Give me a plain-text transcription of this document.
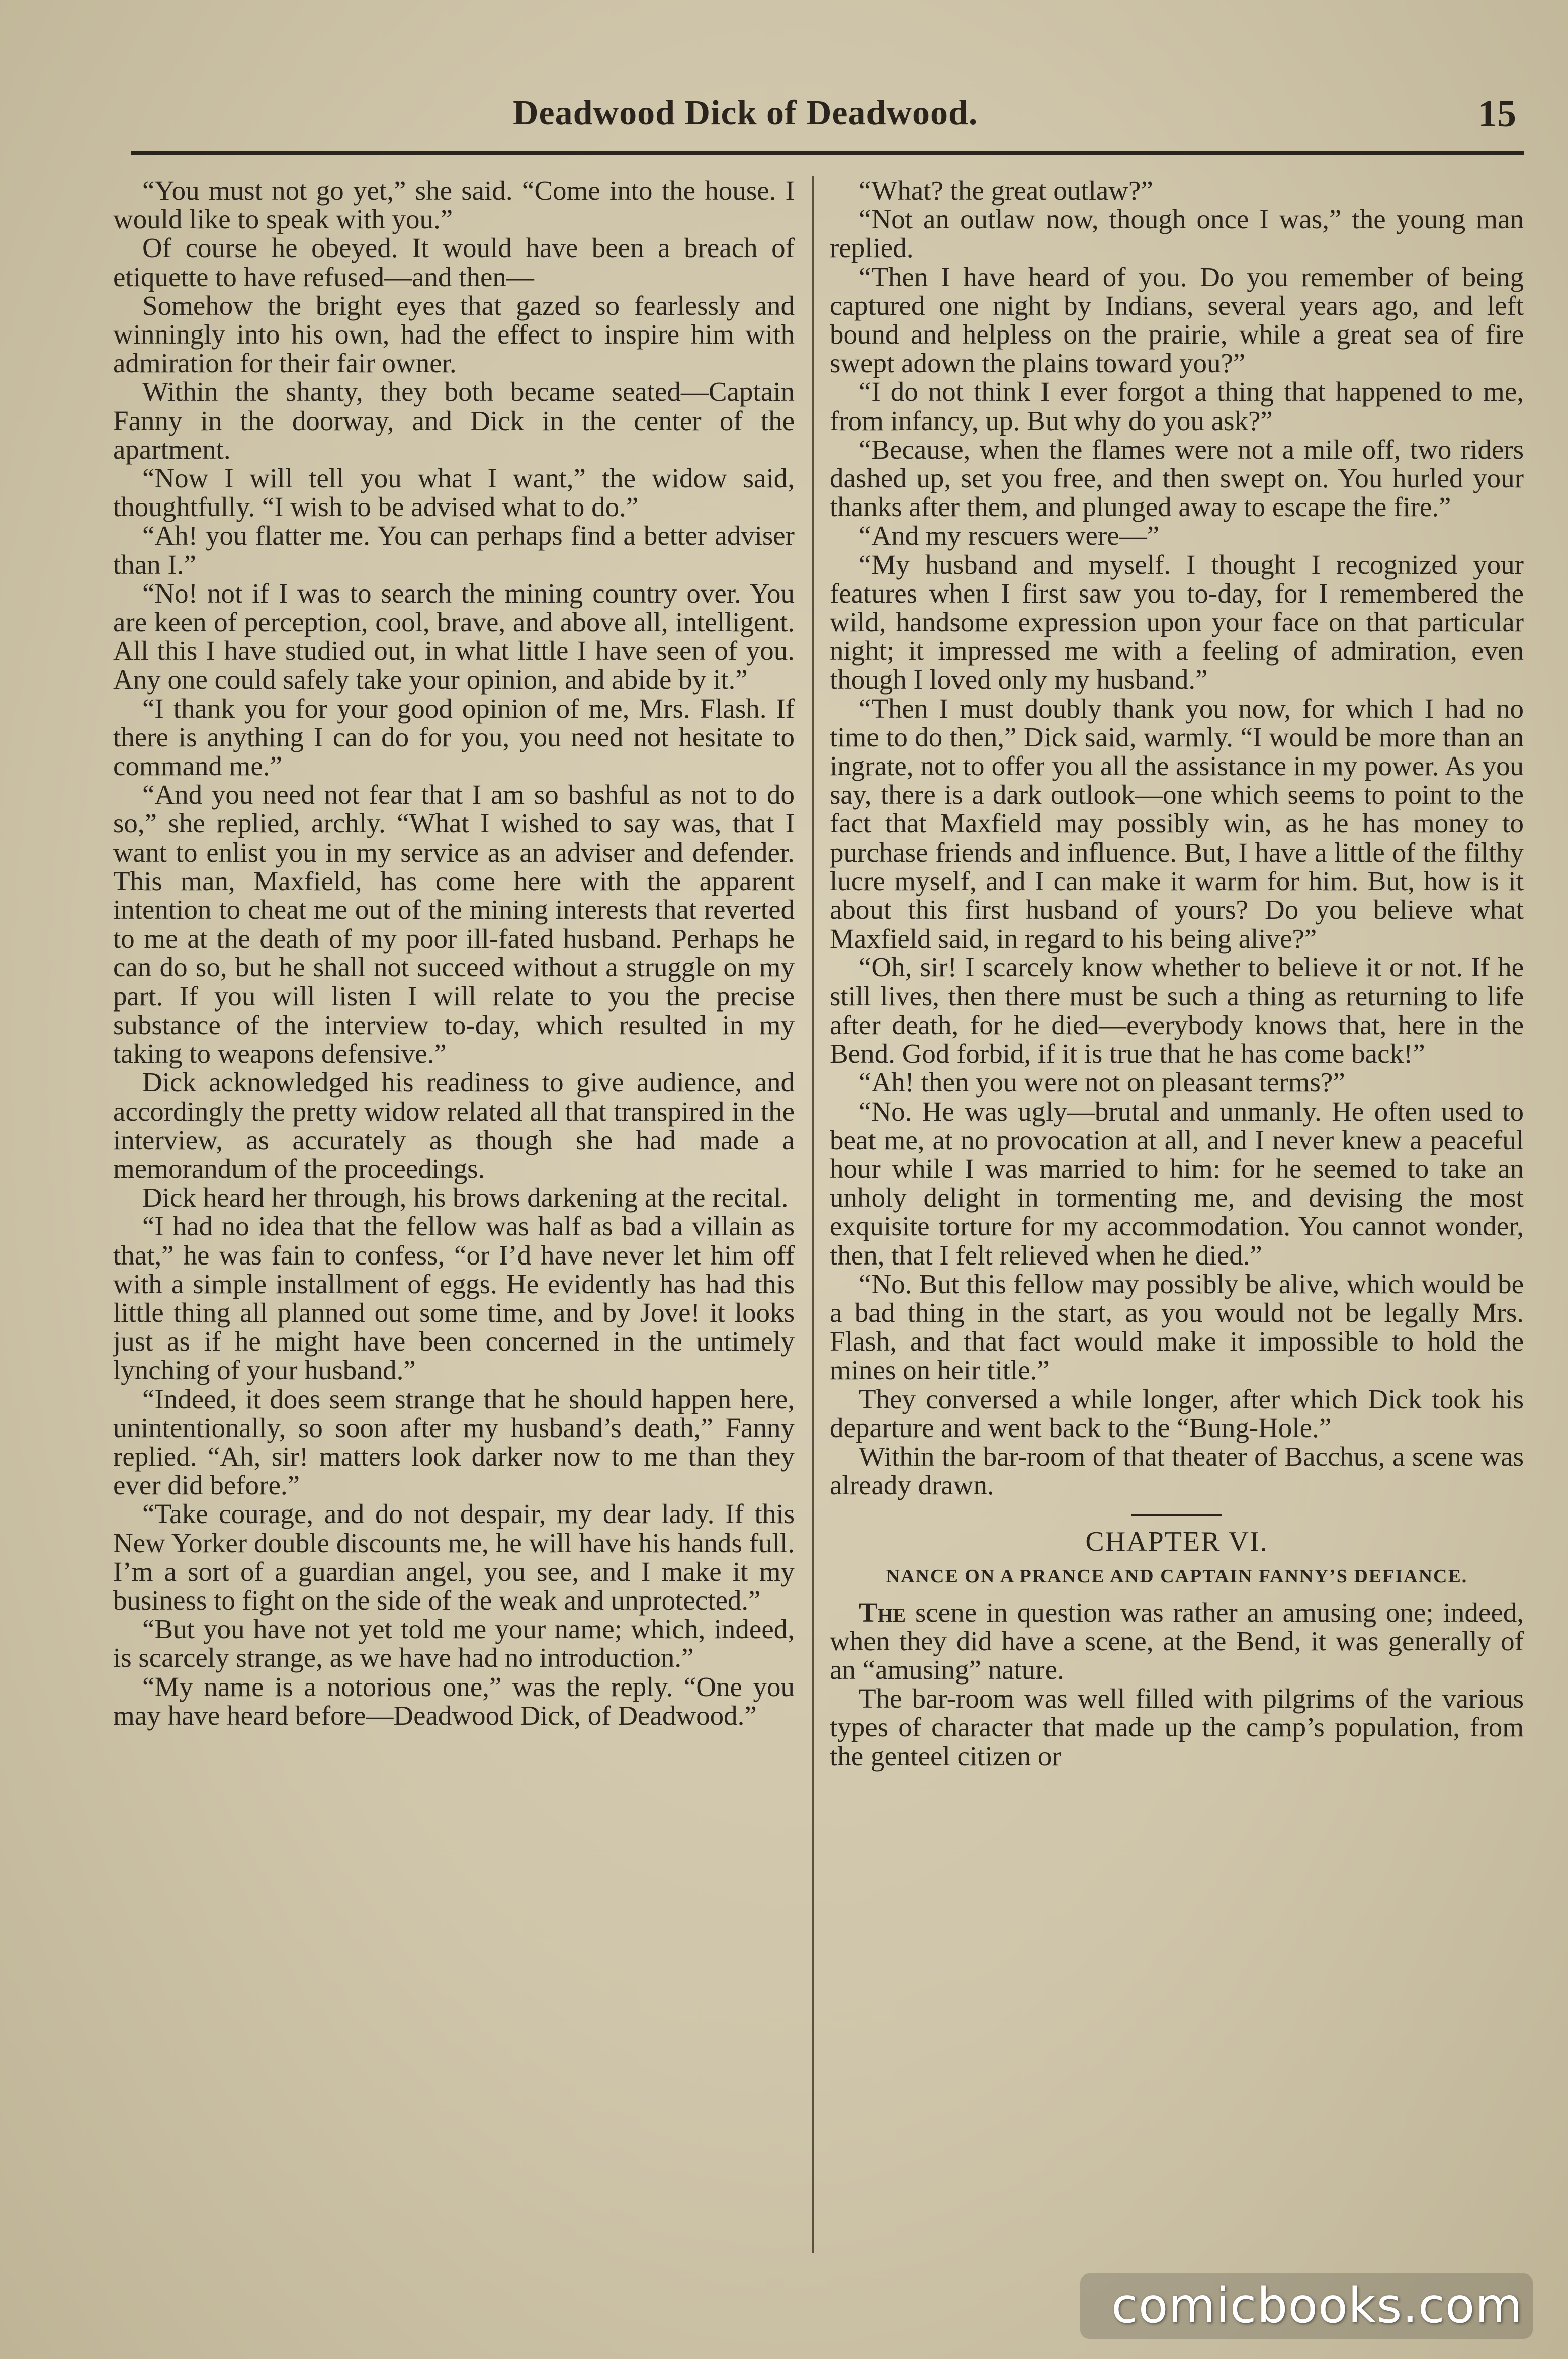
Deadwood Dick of Deadwood.	15

“You must not go yet,” she said. “Come into the house. I would like to speak with you.”

Of course he obeyed. It would have been a breach of etiquette to have refused—and then—

Somehow the bright eyes that gazed so fearlessly and winningly into his own, had the effect to inspire him with admiration for their fair owner.

Within the shanty, they both became seated—Captain Fanny in the doorway, and Dick in the center of the apartment.

“Now I will tell you what I want,” the widow said, thoughtfully. “I wish to be advised what to do.”

“Ah! you flatter me. You can perhaps find a better adviser than I.”

“No! not if I was to search the mining country over. You are keen of perception, cool, brave, and above all, intelligent. All this I have studied out, in what little I have seen of you. Any one could safely take your opinion, and abide by it.”

“I thank you for your good opinion of me, Mrs. Flash. If there is anything I can do for you, you need not hesitate to command me.”

“And you need not fear that I am so bashful as not to do so,” she replied, archly. “What I wished to say was, that I want to enlist you in my service as an adviser and defender. This man, Maxfield, has come here with the apparent intention to cheat me out of the mining interests that reverted to me at the death of my poor ill-fated husband. Perhaps he can do so, but he shall not succeed without a struggle on my part. If you will listen I will relate to you the precise substance of the interview to-day, which resulted in my taking to weapons defensive.”

Dick acknowledged his readiness to give audience, and accordingly the pretty widow related all that transpired in the interview, as accurately as though she had made a memorandum of the proceedings.

Dick heard her through, his brows darkening at the recital.

“I had no idea that the fellow was half as bad a villain as that,” he was fain to confess, “or I’d have never let him off with a simple installment of eggs. He evidently has had this little thing all planned out some time, and by Jove! it looks just as if he might have been concerned in the untimely lynching of your husband.”

“Indeed, it does seem strange that he should happen here, unintentionally, so soon after my husband’s death,” Fanny replied. “Ah, sir! matters look darker now to me than they ever did before.”

“Take courage, and do not despair, my dear lady. If this New Yorker double discounts me, he will have his hands full. I’m a sort of a guardian angel, you see, and I make it my business to fight on the side of the weak and unprotected.”

“But you have not yet told me your name; which, indeed, is scarcely strange, as we have had no introduction.”

“My name is a notorious one,” was the reply. “One you may have heard before—Deadwood Dick, of Deadwood.”

“What? the great outlaw?”

“Not an outlaw now, though once I was,” the young man replied.

“Then I have heard of you. Do you remember of being captured one night by Indians, several years ago, and left bound and helpless on the prairie, while a great sea of fire swept adown the plains toward you?”

“I do not think I ever forgot a thing that happened to me, from infancy, up. But why do you ask?”

“Because, when the flames were not a mile off, two riders dashed up, set you free, and then swept on. You hurled your thanks after them, and plunged away to escape the fire.”

“And my rescuers were—”

“My husband and myself. I thought I recognized your features when I first saw you to-day, for I remembered the wild, handsome expression upon your face on that particular night; it impressed me with a feeling of admiration, even though I loved only my husband.”

“Then I must doubly thank you now, for which I had no time to do then,” Dick said, warmly. “I would be more than an ingrate, not to offer you all the assistance in my power. As you say, there is a dark outlook—one which seems to point to the fact that Maxfield may possibly win, as he has money to purchase friends and influence. But, I have a little of the filthy lucre myself, and I can make it warm for him. But, how is it about this first husband of yours? Do you believe what Maxfield said, in regard to his being alive?”

“Oh, sir! I scarcely know whether to believe it or not. If he still lives, then there must be such a thing as returning to life after death, for he died—everybody knows that, here in the Bend. God forbid, if it is true that he has come back!”

“Ah! then you were not on pleasant terms?”

“No. He was ugly—brutal and unmanly. He often used to beat me, at no provocation at all, and I never knew a peaceful hour while I was married to him: for he seemed to take an unholy delight in tormenting me, and devising the most exquisite torture for my accommodation. You cannot wonder, then, that I felt relieved when he died.”

“No. But this fellow may possibly be alive, which would be a bad thing in the start, as you would not be legally Mrs. Flash, and that fact would make it impossible to hold the mines on heir title.”

They conversed a while longer, after which Dick took his departure and went back to the “Bung-Hole.”

Within the bar-room of that theater of Bacchus, a scene was already drawn.

CHAPTER VI.
NANCE ON A PRANCE AND CAPTAIN FANNY’S DEFIANCE.

The scene in question was rather an amusing one; indeed, when they did have a scene, at the Bend, it was generally of an “amusing” nature.

The bar-room was well filled with pilgrims of the various types of character that made up the camp’s population, from the genteel citizen or

comicbooks.com
